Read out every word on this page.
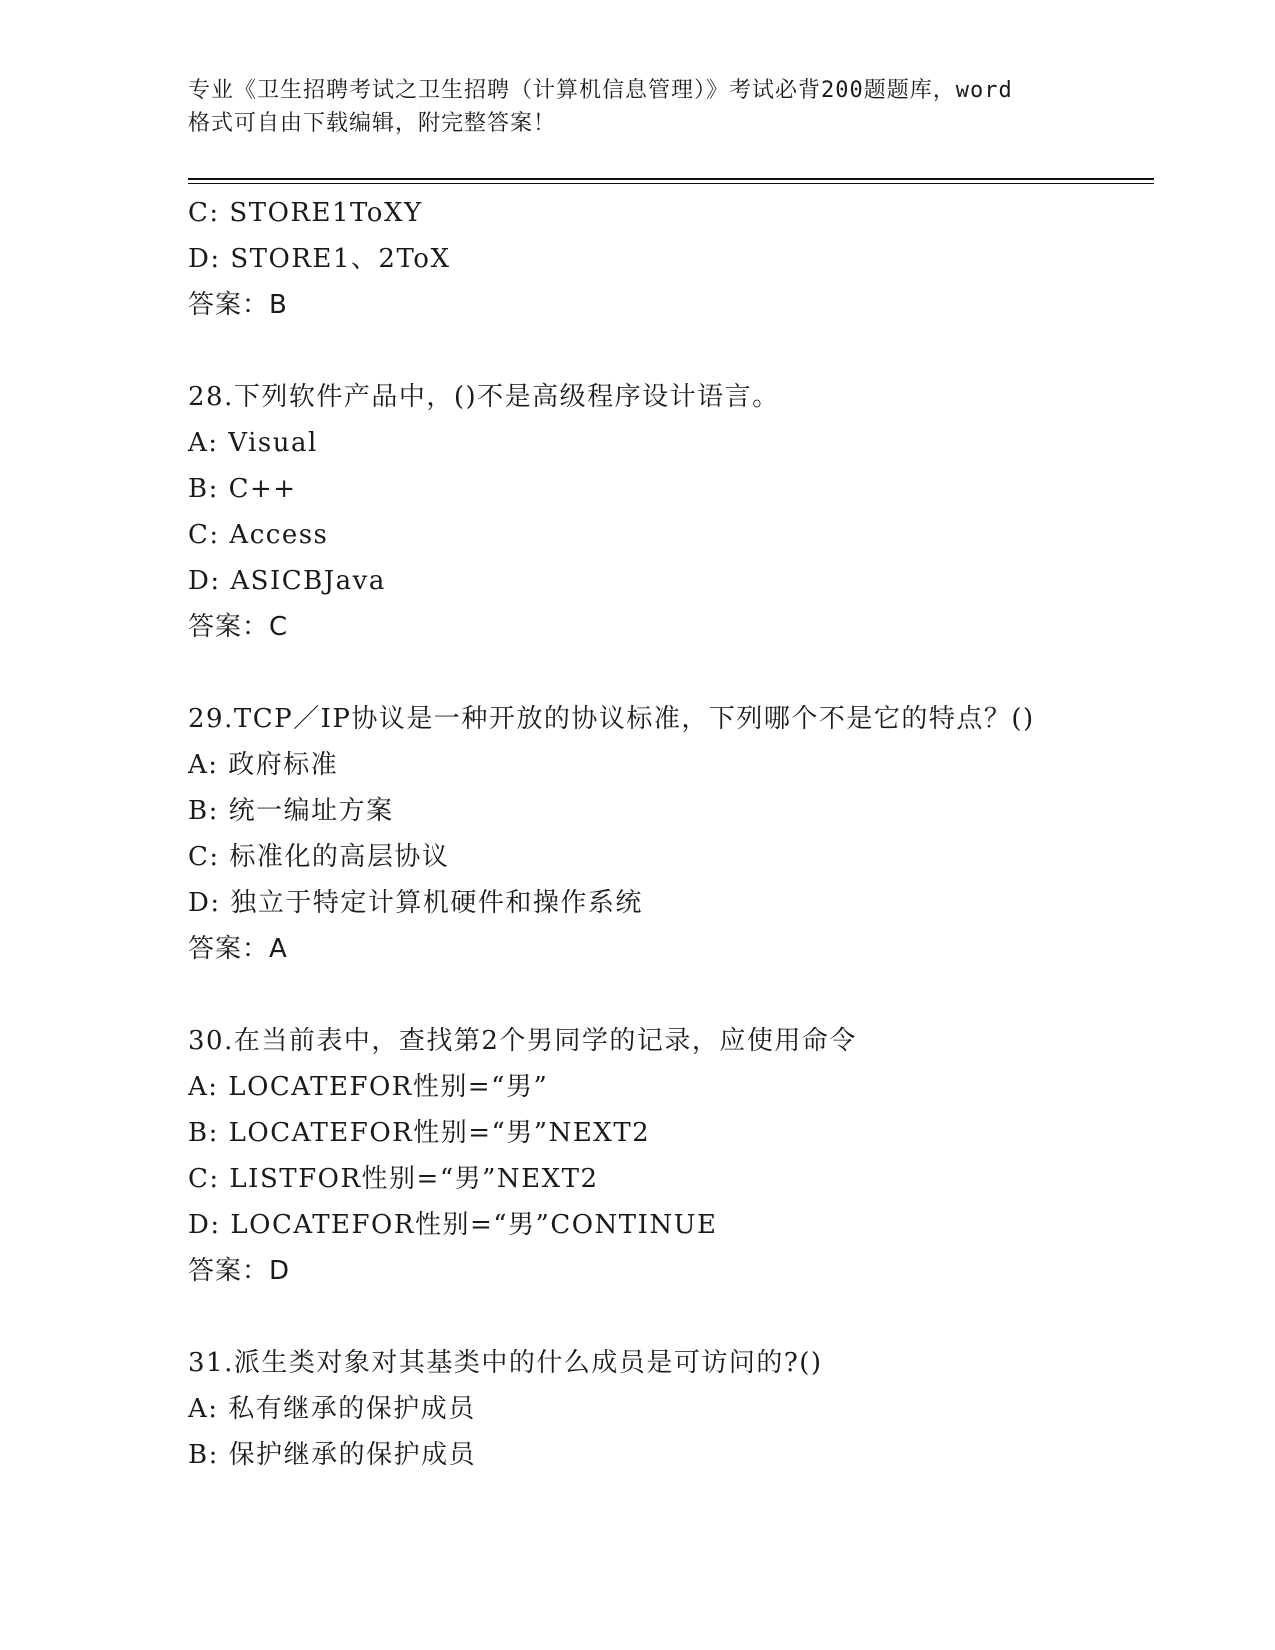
专业《卫生招聘考试之卫生招聘（计算机信息管理）》考试必背200题题库，word
格式可自由下载编辑，附完整答案！
C: STORE1ToXY
D: STORE1、2ToX
答案：B
28.下列软件产品中，()不是高级程序设计语言。
A: Visual
B: C++
C: Access
D: ASICBJava
答案：C
29.TCP／IP协议是一种开放的协议标准，下列哪个不是它的特点？()
A: 政府标准
B: 统一编址方案
C: 标准化的高层协议
D: 独立于特定计算机硬件和操作系统
答案：A
30.在当前表中，查找第2个男同学的记录，应使用命令
A: LOCATEFOR性别=“男”
B: LOCATEFOR性别=“男”NEXT2
C: LISTFOR性别=“男”NEXT2
D: LOCATEFOR性别=“男”CONTINUE
答案：D
31.派生类对象对其基类中的什么成员是可访问的?()
A: 私有继承的保护成员
B: 保护继承的保护成员
